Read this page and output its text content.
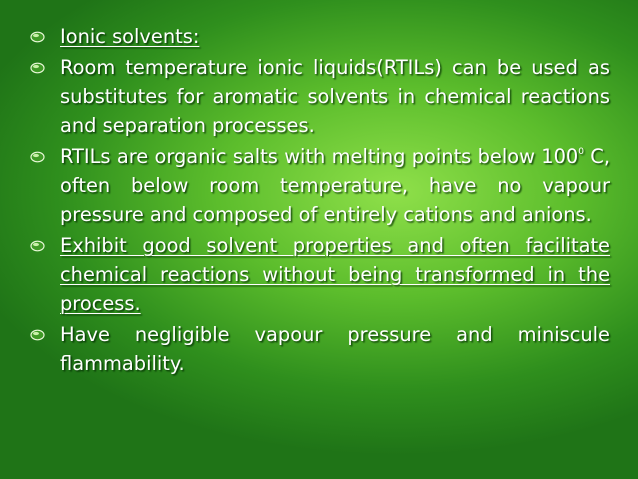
Ionic solvents:
Room temperature ionic liquids(RTILs) can be used as substitutes for aromatic solvents in chemical reactions and separation processes.
RTILs are organic salts with melting points below $100^0$ C, often below room temperature, have no vapour pressure and composed of entirely cations and anions.
Exhibit good solvent properties and often facilitate chemical reactions without being transformed in the process.
Have negligible vapour pressure and miniscule flammability.
